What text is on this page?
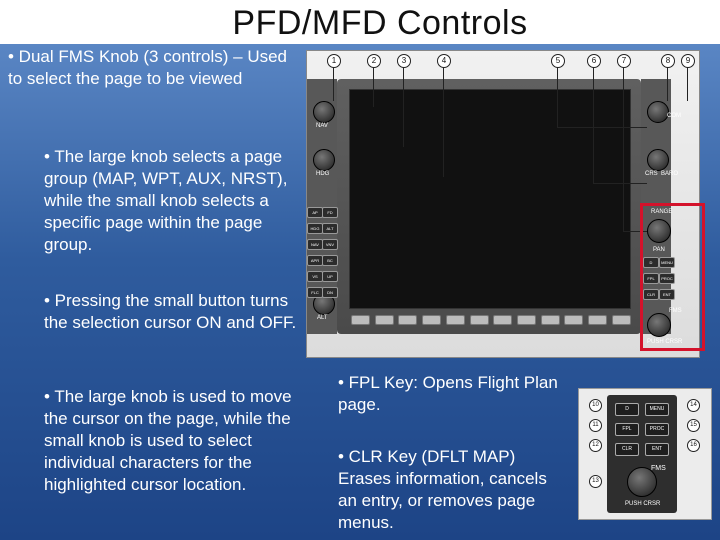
PFD/MFD Controls
• Dual FMS Knob (3 controls) – Used to select the page to be viewed
• The large knob selects a page group (MAP, WPT, AUX, NRST), while the small knob selects a specific page within the page group.
• Pressing the small button turns the selection cursor ON and OFF.
• The large knob is used to move the cursor on the page, while the small knob is used to select individual characters for the highlighted cursor location.
• FPL Key: Opens Flight Plan page.
• CLR Key (DFLT MAP) Erases information, cancels an entry, or removes page menus.
NAV
HDG
ALT
AP	FD
HDG	ALT
NAV	VNV
APR	BC
VS	UP
FLC	DN
COM
CRS BARO
RANGE
PAN
D	MENU
FPL	PROC
CLR	ENT
FMS
PUSH CRSR
1	2	3	4	5	6	7	8	9
D	MENU
FPL	PROC
CLR	ENT
FMS
PUSH CRSR
10
11
12
13
14
15
16
